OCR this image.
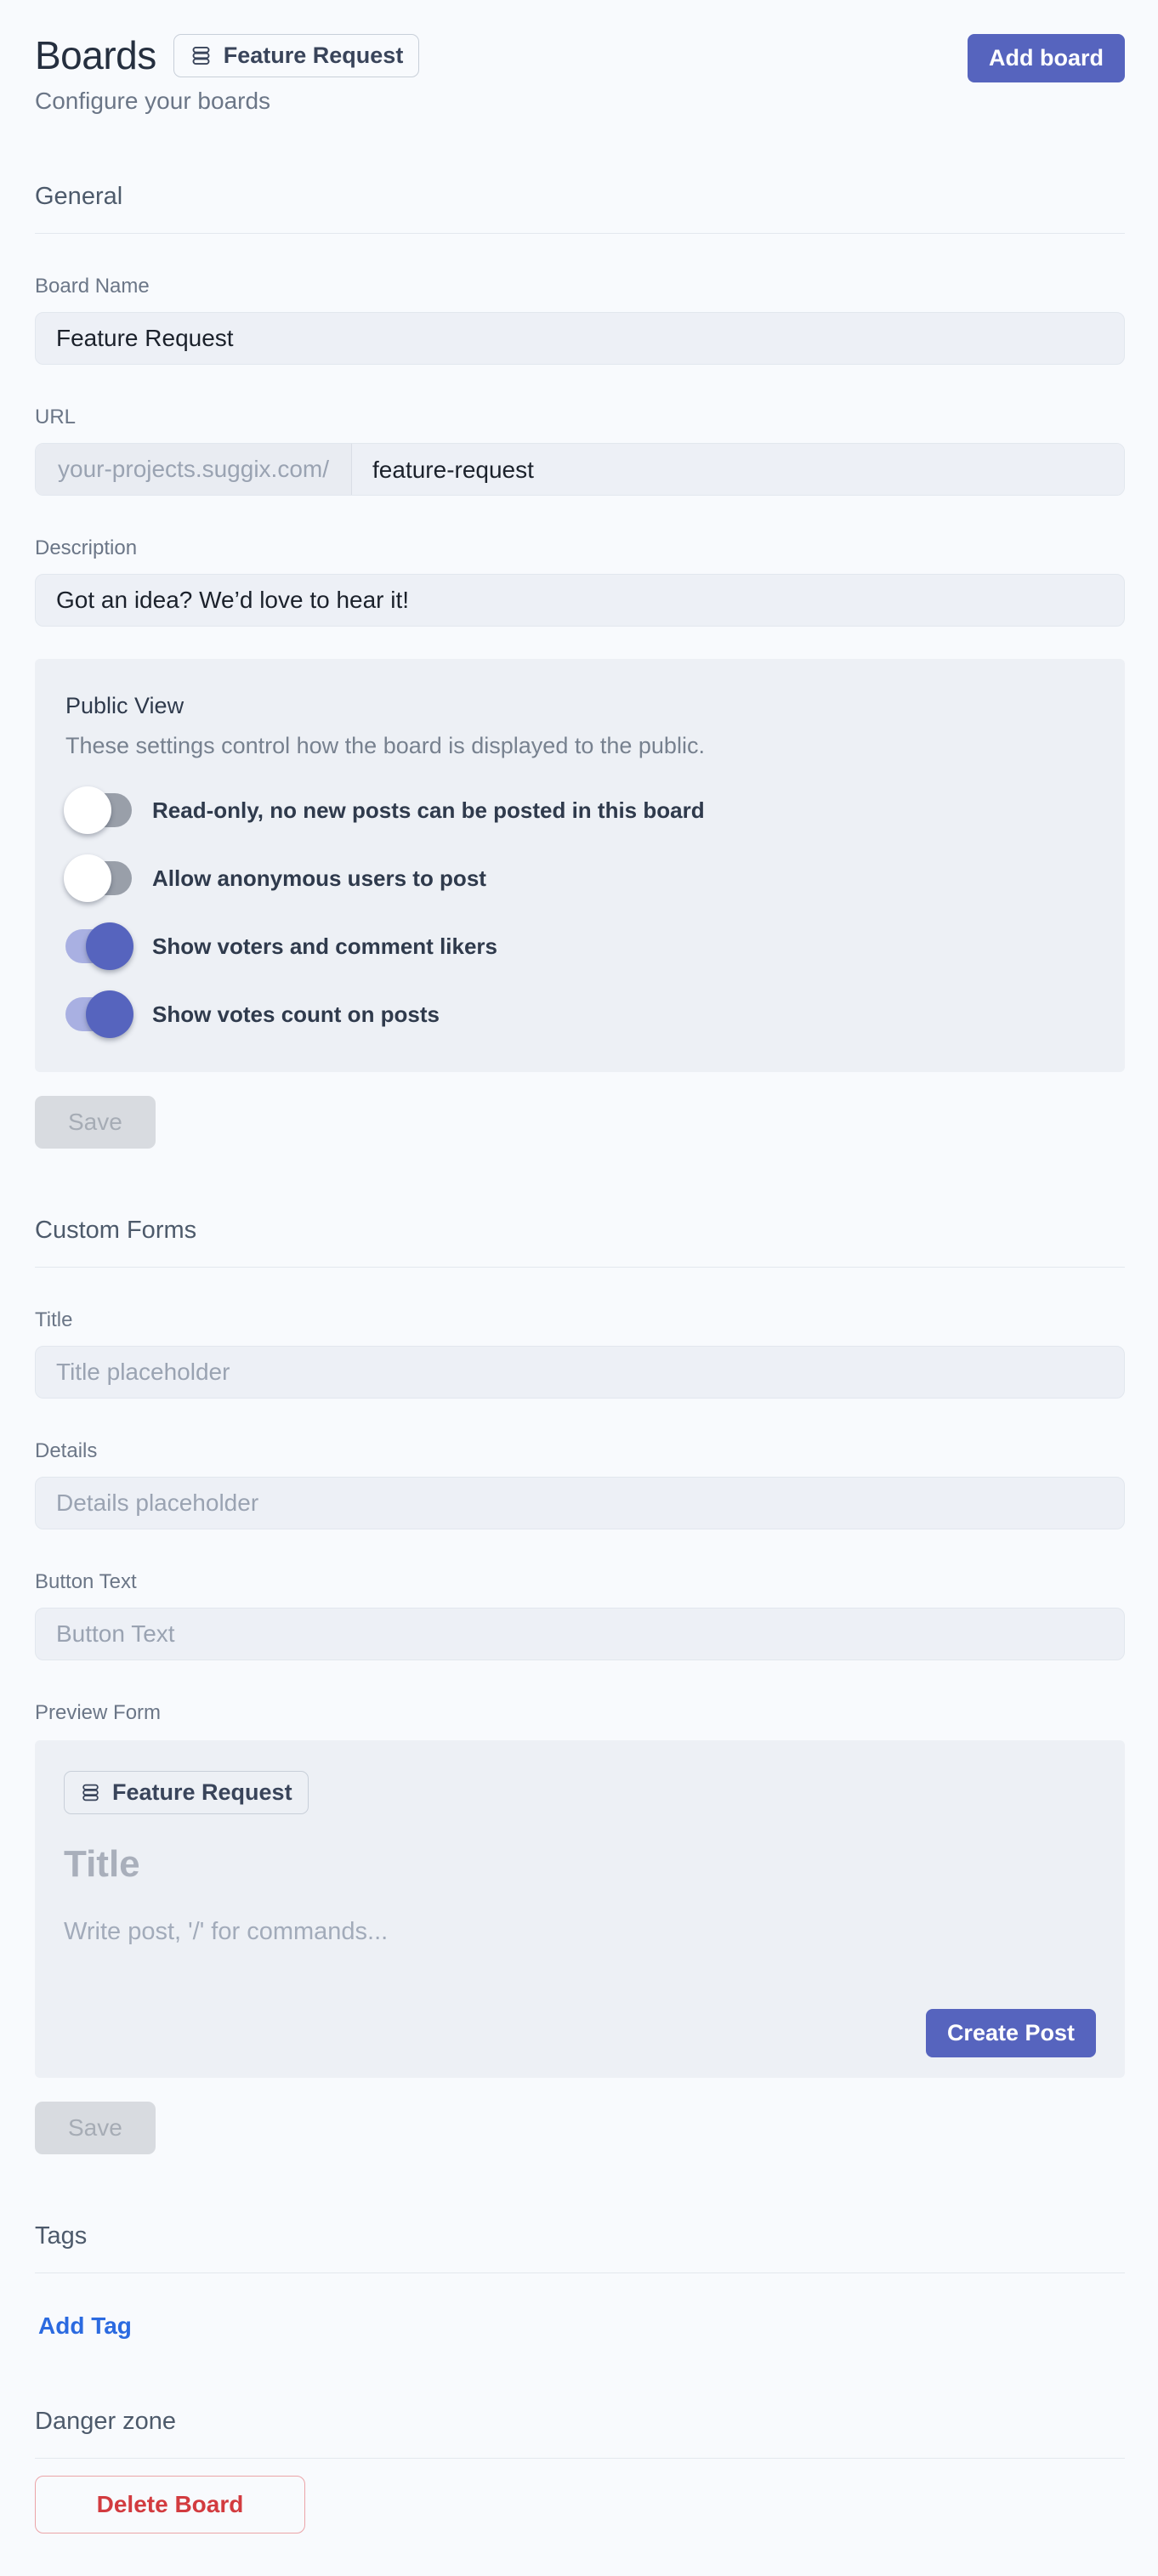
Boards	Feature Request
Configure your boards
Add board
General
Board Name
Feature Request
URL
your-projects.suggix.com/
feature-request
Description
Got an idea? We’d love to hear it!
Public View
These settings control how the board is displayed to the public.
Read-only, no new posts can be posted in this board
Allow anonymous users to post
Show voters and comment likers
Show votes count on posts
Save
Custom Forms
Title
Title placeholder
Details
Details placeholder
Button Text
Button Text
Preview Form
Feature Request
Title
Write post, '/' for commands...
Create Post
Save
Tags
Add Tag
Danger zone
Delete Board
